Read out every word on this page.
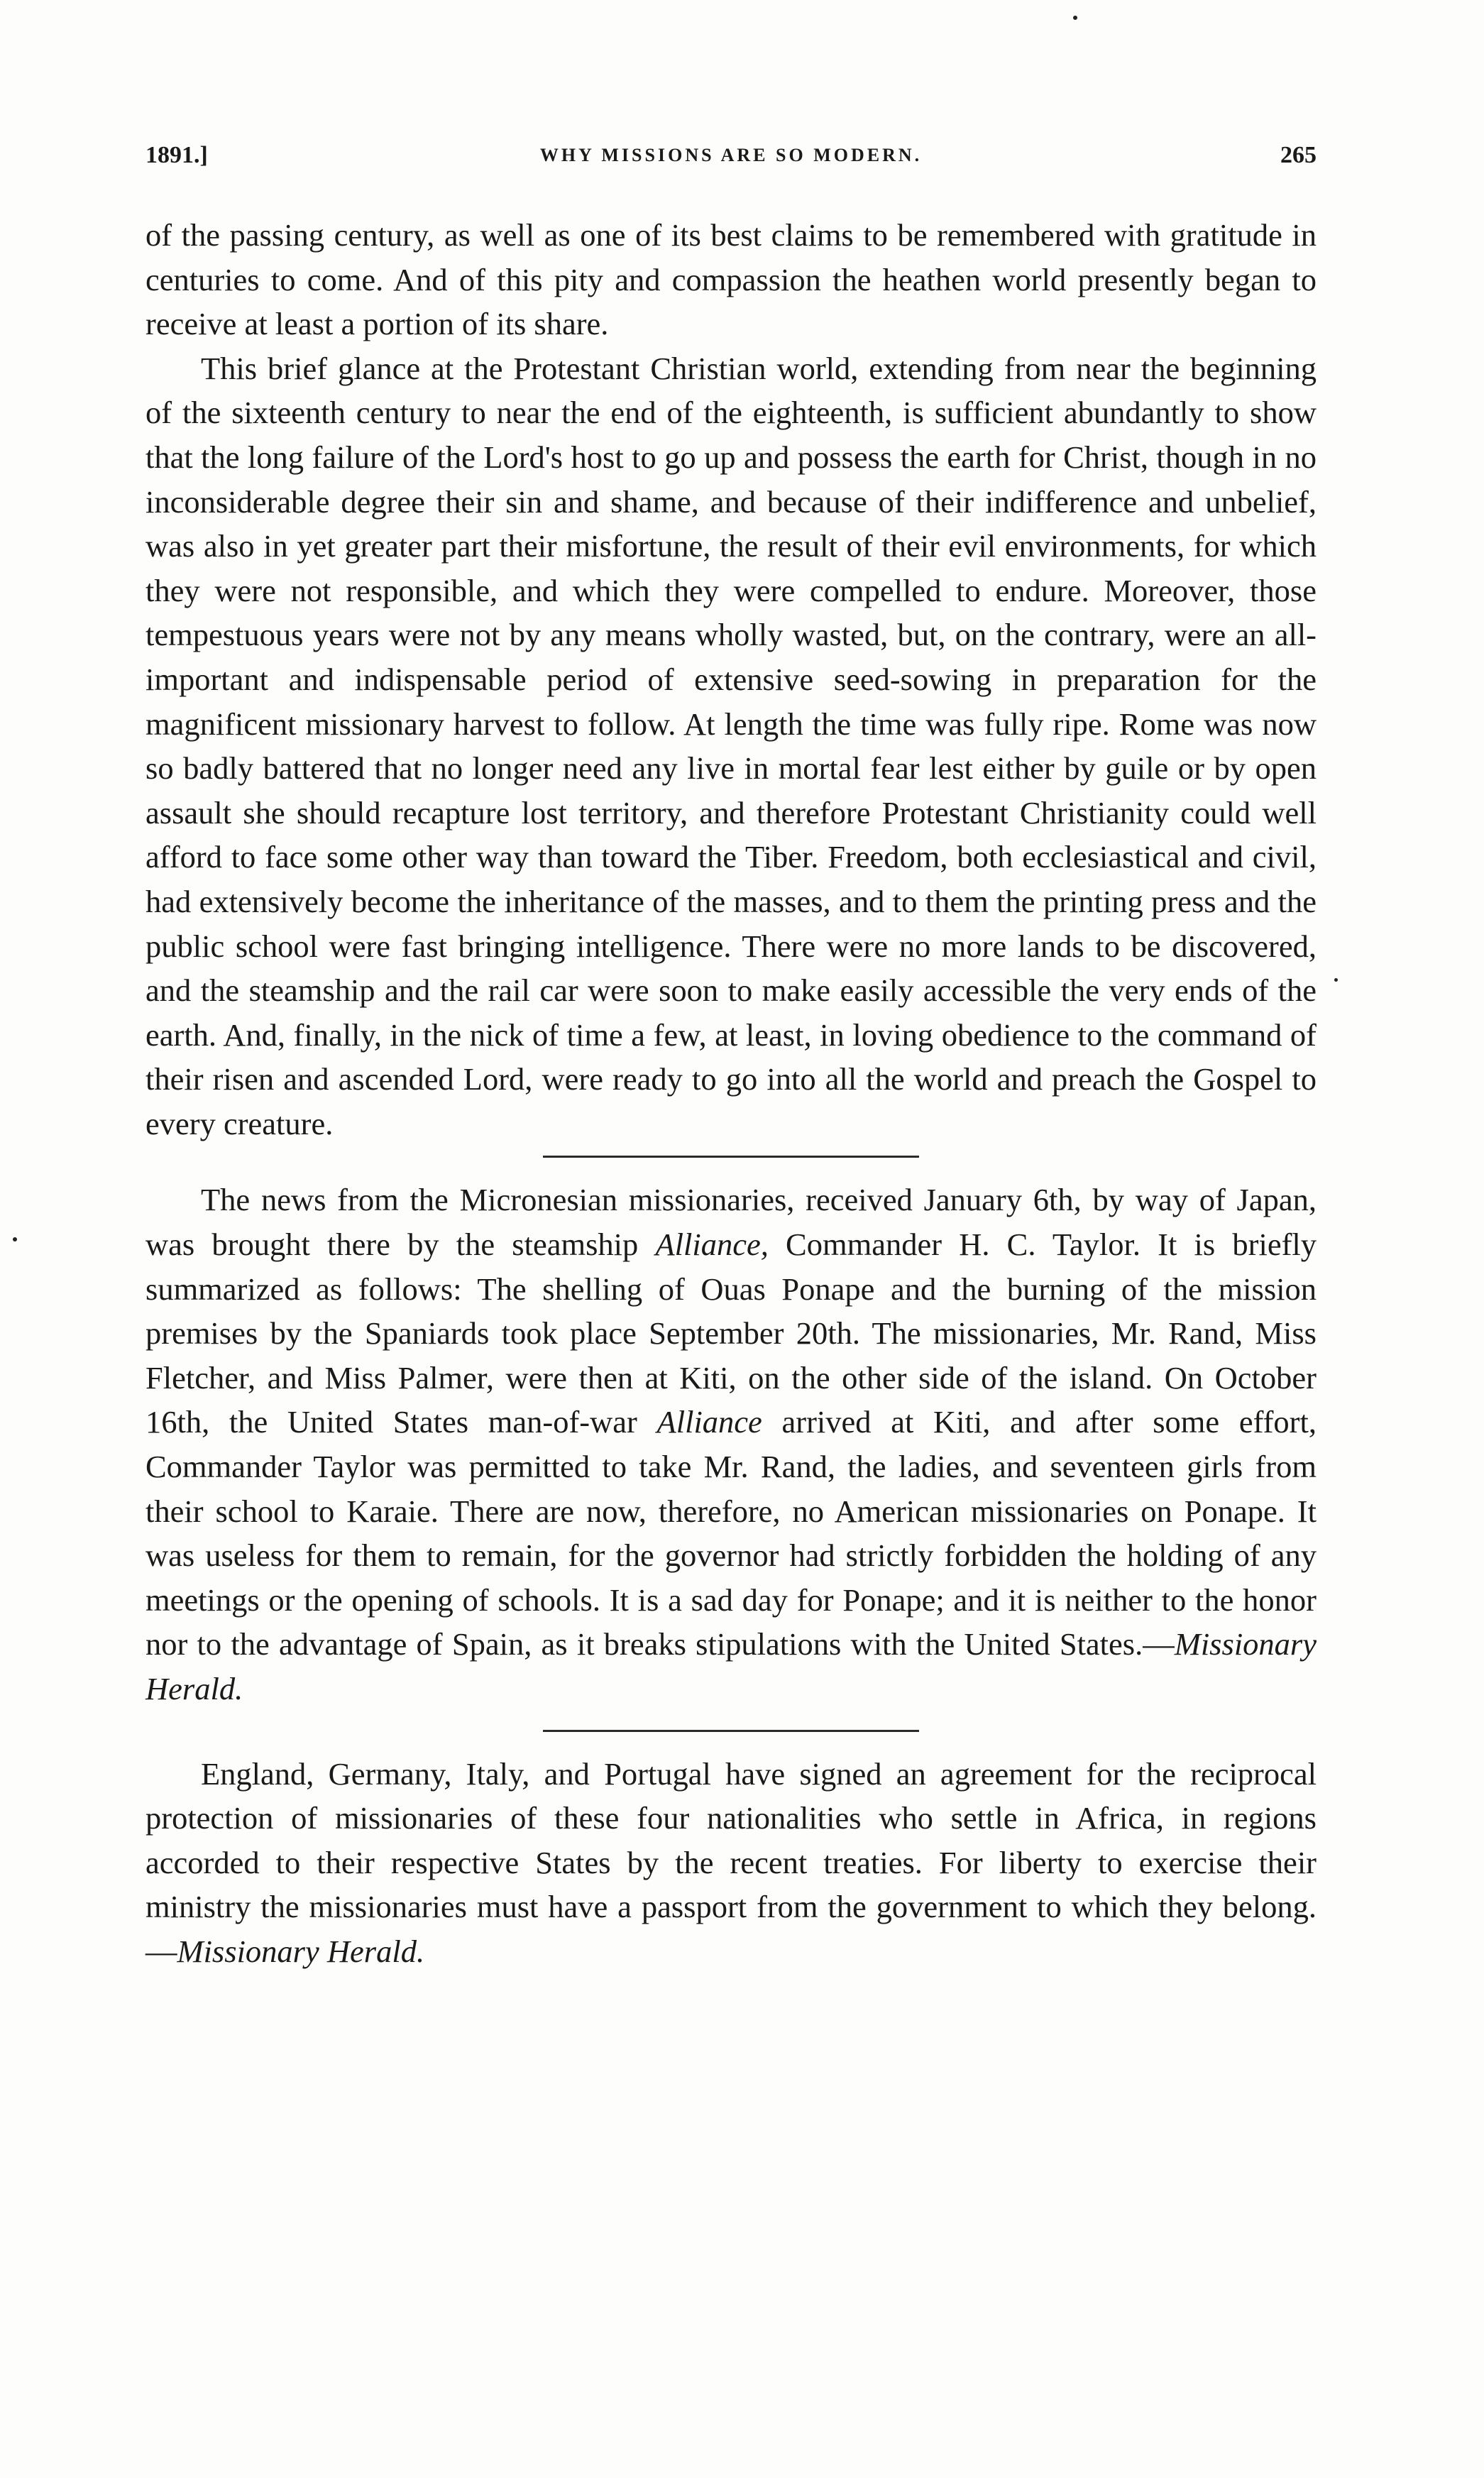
1891.]	WHY MISSIONS ARE SO MODERN.	265

of the passing century, as well as one of its best claims to be remembered with gratitude in centuries to come. And of this pity and compassion the heathen world presently began to receive at least a portion of its share.

This brief glance at the Protestant Christian world, extending from near the beginning of the sixteenth century to near the end of the eighteenth, is sufficient abundantly to show that the long failure of the Lord's host to go up and possess the earth for Christ, though in no inconsiderable degree their sin and shame, and because of their indifference and unbelief, was also in yet greater part their misfortune, the result of their evil environments, for which they were not responsible, and which they were compelled to endure. Moreover, those tempestuous years were not by any means wholly wasted, but, on the contrary, were an all-important and indispensable period of extensive seed-sowing in preparation for the magnificent missionary harvest to follow. At length the time was fully ripe. Rome was now so badly battered that no longer need any live in mortal fear lest either by guile or by open assault she should recapture lost territory, and therefore Protestant Christianity could well afford to face some other way than toward the Tiber. Freedom, both ecclesiastical and civil, had extensively become the inheritance of the masses, and to them the printing press and the public school were fast bringing intelligence. There were no more lands to be discovered, and the steamship and the rail car were soon to make easily accessible the very ends of the earth. And, finally, in the nick of time a few, at least, in loving obedience to the command of their risen and ascended Lord, were ready to go into all the world and preach the Gospel to every creature.

The news from the Micronesian missionaries, received January 6th, by way of Japan, was brought there by the steamship Alliance, Commander H. C. Taylor. It is briefly summarized as follows: The shelling of Ouas Ponape and the burning of the mission premises by the Spaniards took place September 20th. The missionaries, Mr. Rand, Miss Fletcher, and Miss Palmer, were then at Kiti, on the other side of the island. On October 16th, the United States man-of-war Alliance arrived at Kiti, and after some effort, Commander Taylor was permitted to take Mr. Rand, the ladies, and seventeen girls from their school to Karaie. There are now, therefore, no American missionaries on Ponape. It was useless for them to remain, for the governor had strictly forbidden the holding of any meetings or the opening of schools. It is a sad day for Ponape; and it is neither to the honor nor to the advantage of Spain, as it breaks stipulations with the United States.—Missionary Herald.

England, Germany, Italy, and Portugal have signed an agreement for the reciprocal protection of missionaries of these four nationalities who settle in Africa, in regions accorded to their respective States by the recent treaties. For liberty to exercise their ministry the missionaries must have a passport from the government to which they belong.—Missionary Herald.
